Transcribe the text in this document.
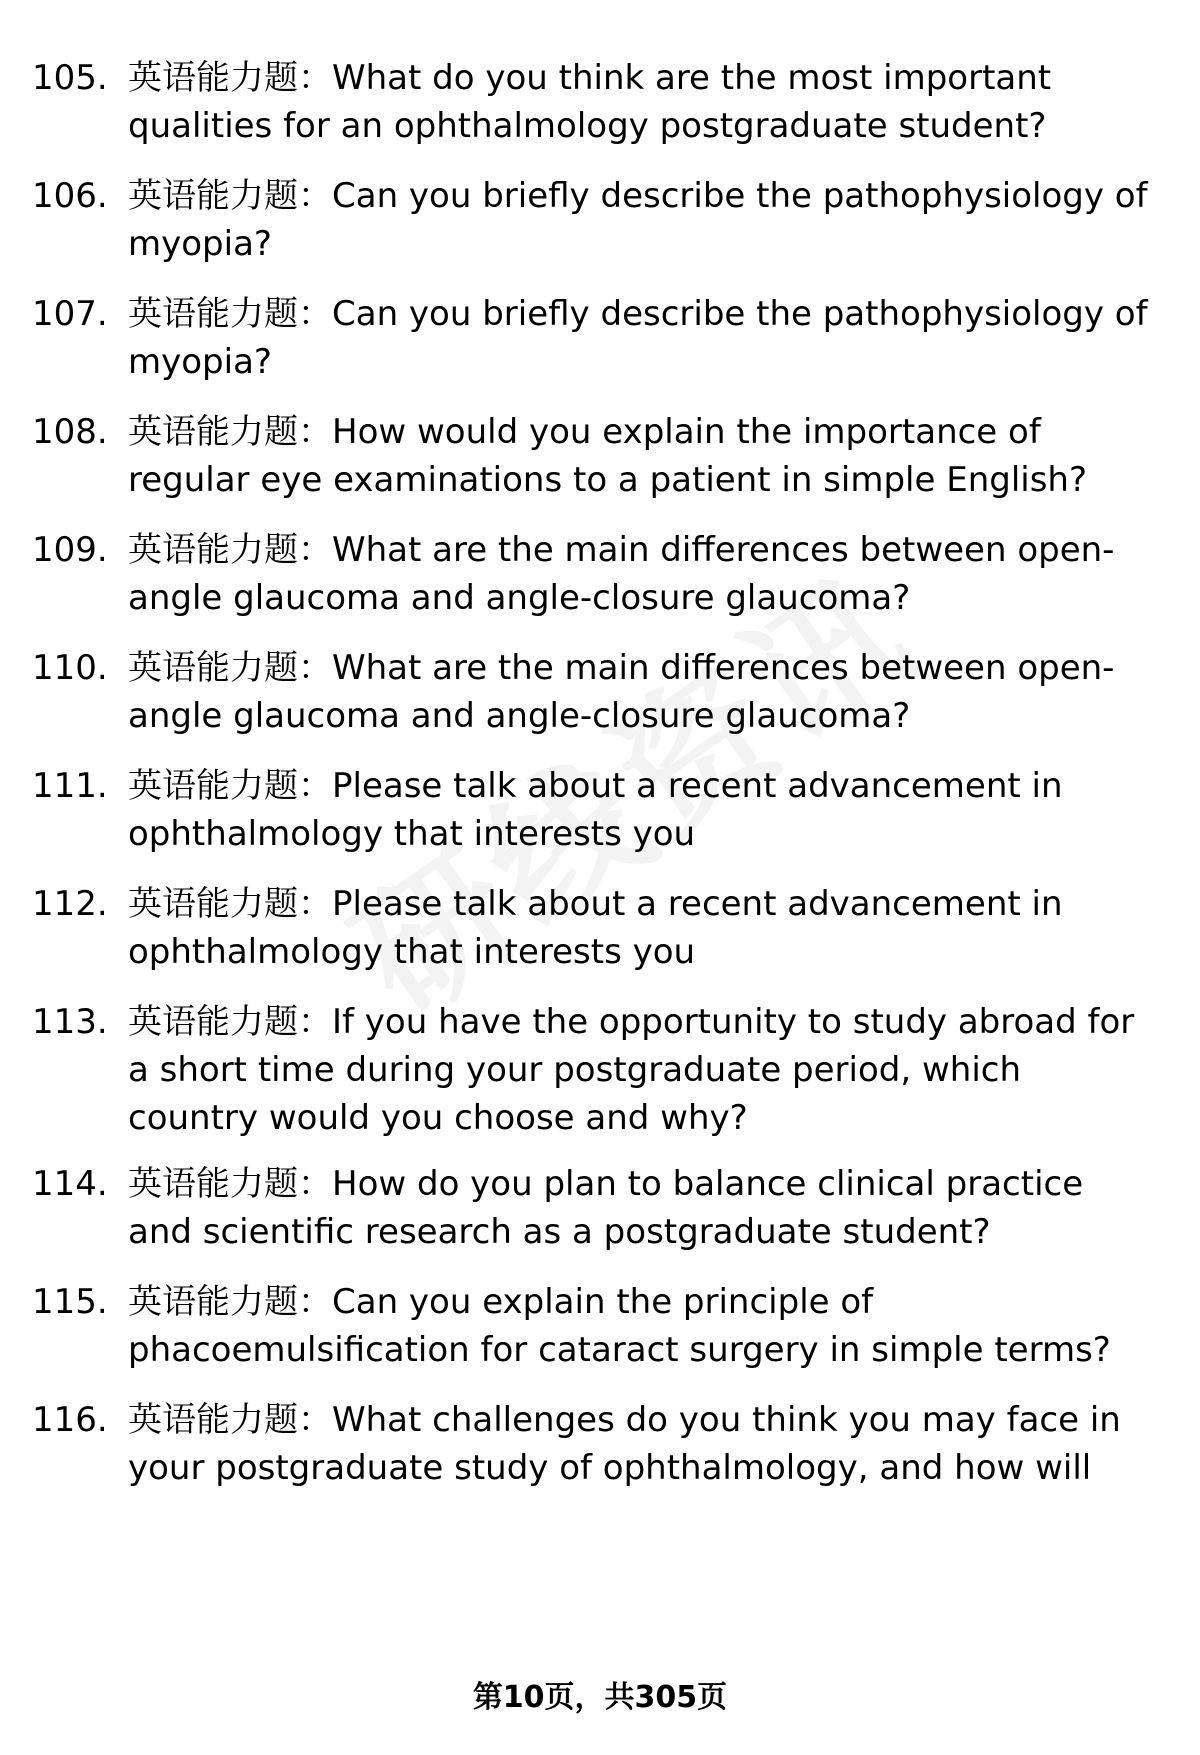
105. 英语能力题：What do you think are the most important qualities for an ophthalmology postgraduate student?
106. 英语能力题：Can you briefly describe the pathophysiology of myopia?
107. 英语能力题：Can you briefly describe the pathophysiology of myopia?
108. 英语能力题：How would you explain the importance of regular eye examinations to a patient in simple English?
109. 英语能力题：What are the main differences between open-angle glaucoma and angle-closure glaucoma?
110. 英语能力题：What are the main differences between open-angle glaucoma and angle-closure glaucoma?
111. 英语能力题：Please talk about a recent advancement in ophthalmology that interests you
112. 英语能力题：Please talk about a recent advancement in ophthalmology that interests you
113. 英语能力题：If you have the opportunity to study abroad for a short time during your postgraduate period, which country would you choose and why?
114. 英语能力题：How do you plan to balance clinical practice and scientific research as a postgraduate student?
115. 英语能力题：Can you explain the principle of phacoemulsification for cataract surgery in simple terms?
116. 英语能力题：What challenges do you think you may face in your postgraduate study of ophthalmology, and how will
第10页，共305页
